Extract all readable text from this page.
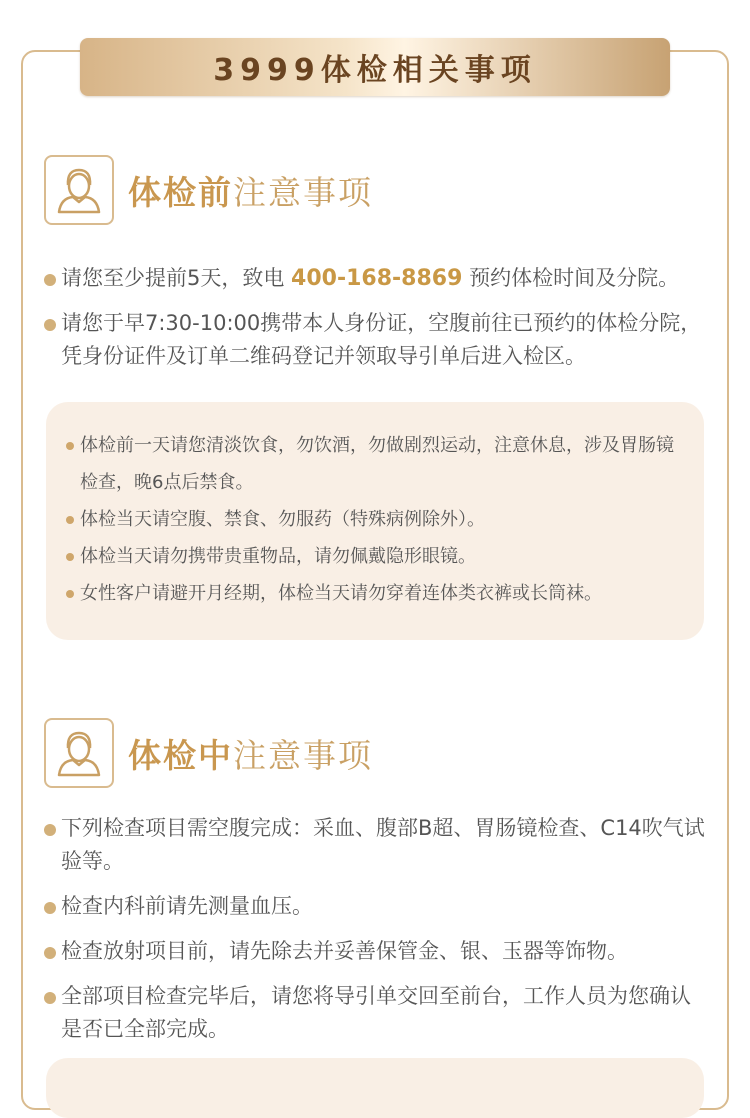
3999体检相关事项
体检前注意事项
请您至少提前5天，致电 400-168-8869 预约体检时间及分院。
请您于早7:30-10:00携带本人身份证，空腹前往已预约的体检分院，凭身份证件及订单二维码登记并领取导引单后进入检区。
体检前一天请您清淡饮食，勿饮酒，勿做剧烈运动，注意休息，涉及胃肠镜检查，晚6点后禁食。
体检当天请空腹、禁食、勿服药（特殊病例除外）。
体检当天请勿携带贵重物品，请勿佩戴隐形眼镜。
女性客户请避开月经期，体检当天请勿穿着连体类衣裤或长筒袜。
体检中注意事项
下列检查项目需空腹完成：采血、腹部B超、胃肠镜检查、C14吹气试验等。
检查内科前请先测量血压。
检查放射项目前，请先除去并妥善保管金、银、玉器等饰物。
全部项目检查完毕后，请您将导引单交回至前台，工作人员为您确认是否已全部完成。
